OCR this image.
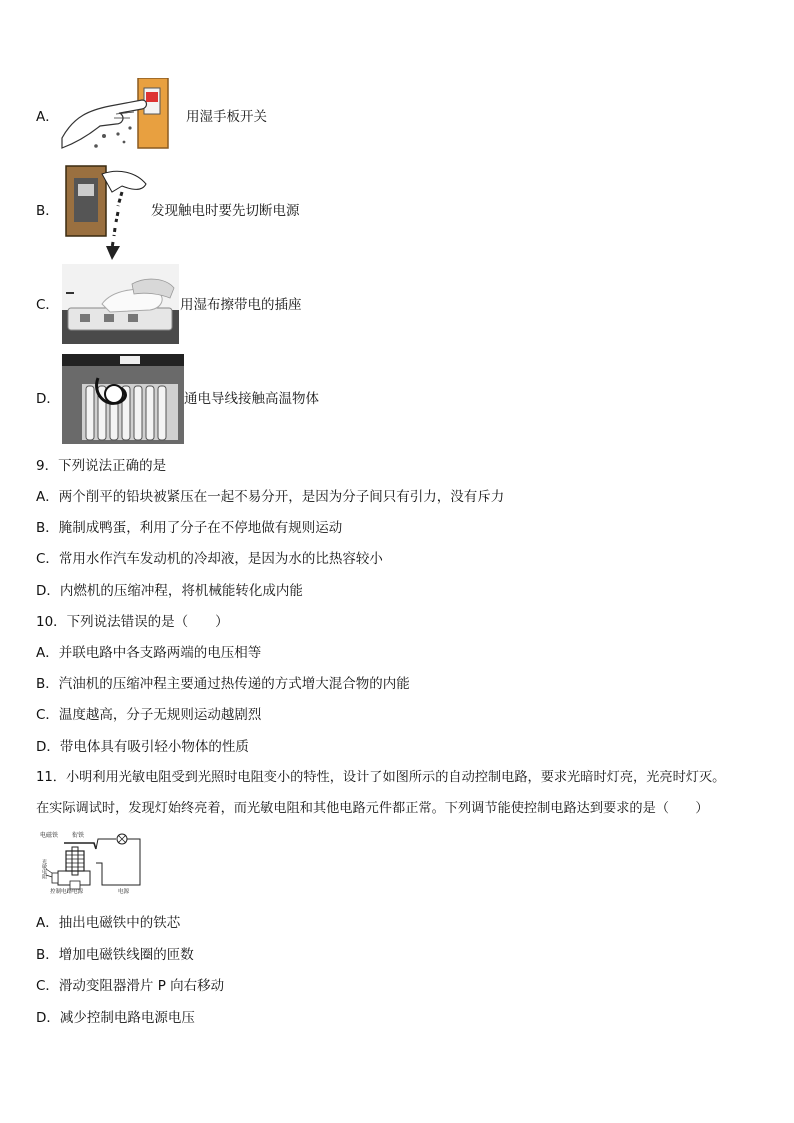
A．	用湿手板开关
B．	发现触电时要先切断电源
C．	用湿布擦带电的插座
D．	通电导线接触高温物体
9．下列说法正确的是
A．两个削平的铅块被紧压在一起不易分开，是因为分子间只有引力，没有斥力
B．腌制成鸭蛋，利用了分子在不停地做有规则运动
C．常用水作汽车发动机的冷却液，是因为水的比热容较小
D．内燃机的压缩冲程，将机械能转化成内能
10．下列说法错误的是（　　）
A．并联电路中各支路两端的电压相等
B．汽油机的压缩冲程主要通过热传递的方式增大混合物的内能
C．温度越高，分子无规则运动越剧烈
D．带电体具有吸引轻小物体的性质
11．小明利用光敏电阻受到光照时电阻变小的特性，设计了如图所示的自动控制电路，要求光暗时灯亮，光亮时灯灭。
在实际调试时，发现灯始终亮着，而光敏电阻和其他电路元件都正常。下列调节能使控制电路达到要求的是（　　）
电磁铁 衔铁
光敏电阻
控制电路电源	电源
A．抽出电磁铁中的铁芯
B．增加电磁铁线圈的匝数
C．滑动变阻器滑片 P 向右移动
D．减少控制电路电源电压
